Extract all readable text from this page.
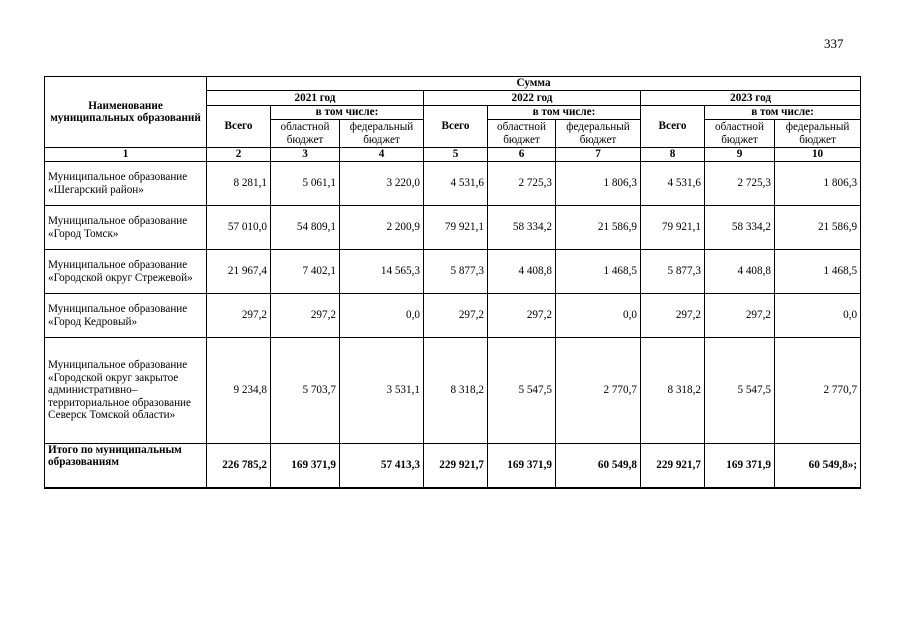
337
Наименование муниципальных образований	Сумма								
	2021 год			2022 год			2023 год		
	Всего	в том числе:		Всего	в том числе:		Всего	в том числе:	
		областной бюджет	федеральный бюджет		областной бюджет	федеральный бюджет		областной бюджет	федеральный бюджет
1	2	3	4	5	6	7	8	9	10
Муниципальное образование «Шегарский район»	8 281,1	5 061,1	3 220,0	4 531,6	2 725,3	1 806,3	4 531,6	2 725,3	1 806,3
Муниципальное образование «Город Томск»	57 010,0	54 809,1	2 200,9	79 921,1	58 334,2	21 586,9	79 921,1	58 334,2	21 586,9
Муниципальное образование «Городской округ Стрежевой»	21 967,4	7 402,1	14 565,3	5 877,3	4 408,8	1 468,5	5 877,3	4 408,8	1 468,5
Муниципальное образование «Город Кедровый»	297,2	297,2	0,0	297,2	297,2	0,0	297,2	297,2	0,0
Муниципальное образование «Городской округ закрытое административно–территориальное образование Северск Томской области»	9 234,8	5 703,7	3 531,1	8 318,2	5 547,5	2 770,7	8 318,2	5 547,5	2 770,7
Итого по муниципальным образованиям	226 785,2	169 371,9	57 413,3	229 921,7	169 371,9	60 549,8	229 921,7	169 371,9	60 549,8»;
